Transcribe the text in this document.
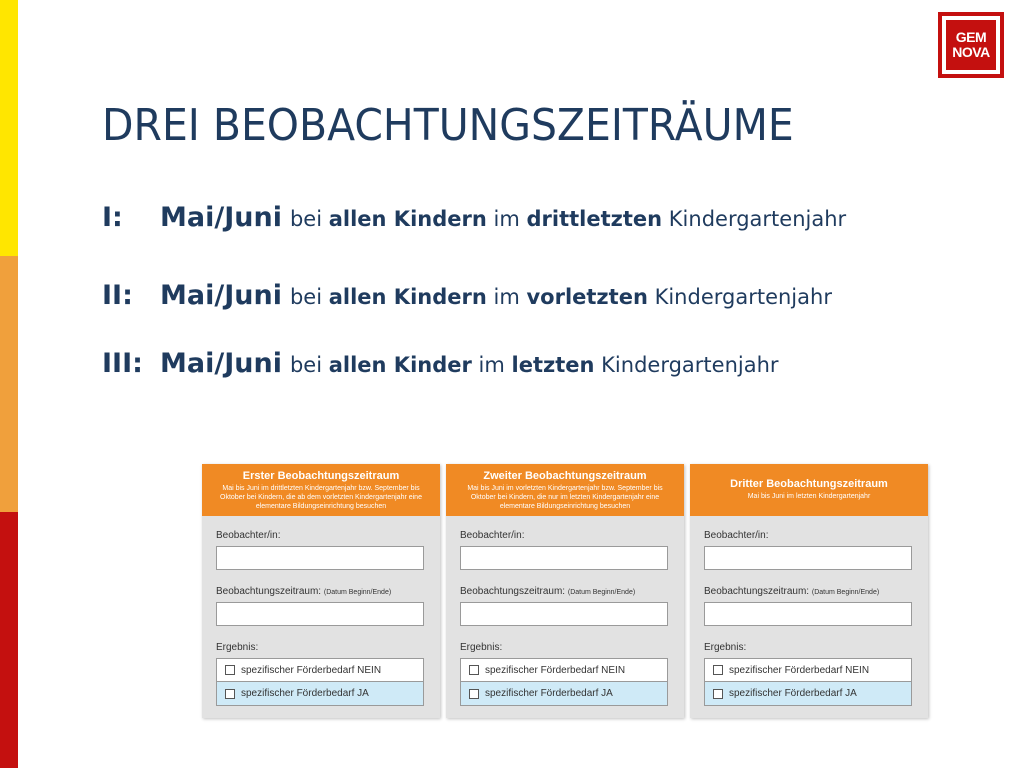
GEM
NOVA
DREI BEOBACHTUNGSZEITRÄUME
I:	Mai/Juni bei allen Kindern im drittletzten Kindergartenjahr
II:	Mai/Juni bei allen Kindern im vorletzten Kindergartenjahr
III: Mai/Juni bei allen Kinder im letzten Kindergartenjahr
Erster Beobachtungszeitraum
Mai bis Juni im drittletzten Kindergartenjahr bzw. September bis Oktober bei Kindern, die ab dem vorletzten Kindergartenjahr eine elementare Bildungseinrichtung besuchen
Beobachter/in:
Beobachtungszeitraum: (Datum Beginn/Ende)
Ergebnis:
spezifischer Förderbedarf NEIN
spezifischer Förderbedarf JA
Zweiter Beobachtungszeitraum
Mai bis Juni im vorletzten Kindergartenjahr bzw. September bis Oktober bei Kindern, die nur im letzten Kindergartenjahr eine elementare Bildungseinrichtung besuchen
Beobachter/in:
Beobachtungszeitraum: (Datum Beginn/Ende)
Ergebnis:
spezifischer Förderbedarf NEIN
spezifischer Förderbedarf JA
Dritter Beobachtungszeitraum
Mai bis Juni im letzten Kindergartenjahr
Beobachter/in:
Beobachtungszeitraum: (Datum Beginn/Ende)
Ergebnis:
spezifischer Förderbedarf NEIN
spezifischer Förderbedarf JA
